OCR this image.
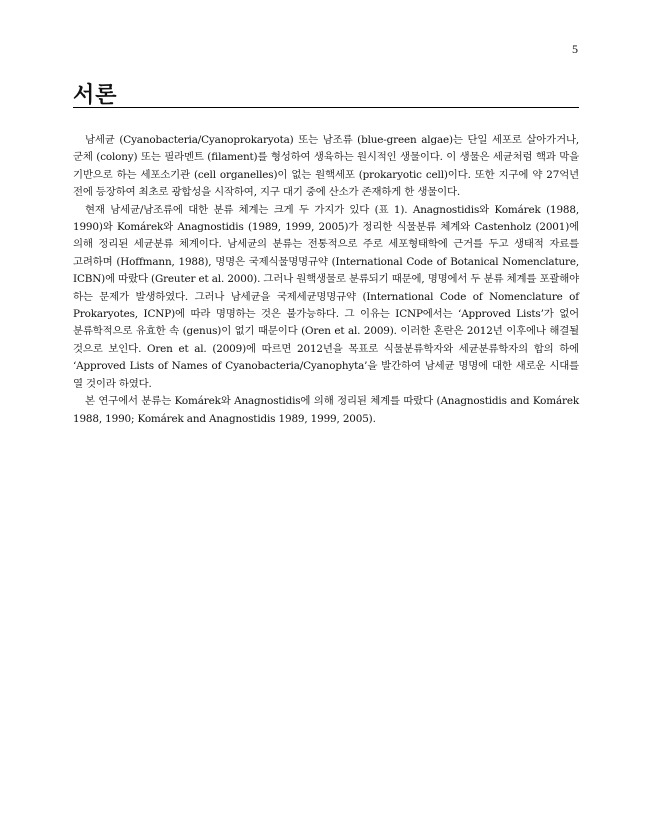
5
서론

남세균 (Cyanobacteria/Cyanoprokaryota) 또는 남조류 (blue-green algae)는 단일 세포로 살아가거나, 군체 (colony) 또는 필라멘트 (filament)를 형성하여 생육하는 원시적인 생물이다. 이 생물은 세균처럼 핵과 막을 기반으로 하는 세포소기관 (cell organelles)이 없는 원핵세포 (prokaryotic cell)이다. 또한 지구에 약 27억년 전에 등장하여 최초로 광합성을 시작하여, 지구 대기 중에 산소가 존재하게 한 생물이다.

현재 남세균/남조류에 대한 분류 체계는 크게 두 가지가 있다 (표 1). Anagnostidis와 Komárek (1988, 1990)와 Komárek와 Anagnostidis (1989, 1999, 2005)가 정리한 식물분류 체계와 Castenholz (2001)에 의해 정리된 세균분류 체계이다. 남세균의 분류는 전통적으로 주로 세포형태학에 근거를 두고 생태적 자료를 고려하며 (Hoffmann, 1988), 명명은 국제식물명명규약 (International Code of Botanical Nomenclature, ICBN)에 따랐다 (Greuter et al. 2000). 그러나 원핵생물로 분류되기 때문에, 명명에서 두 분류 체계를 포괄해야 하는 문제가 발생하였다. 그러나 남세균을 국제세균명명규약 (International Code of Nomenclature of Prokaryotes, ICNP)에 따라 명명하는 것은 불가능하다. 그 이유는 ICNP에서는 ‘Approved Lists’가 없어 분류학적으로 유효한 속 (genus)이 없기 때문이다 (Oren et al. 2009). 이러한 혼란은 2012년 이후에나 해결될 것으로 보인다. Oren et al. (2009)에 따르면 2012년을 목표로 식물분류학자와 세균분류학자의 합의 하에 ‘Approved Lists of Names of Cyanobacteria/Cyanophyta’을 발간하여 남세균 명명에 대한 새로운 시대를 열 것이라 하였다.

본 연구에서 분류는 Komárek와 Anagnostidis에 의해 정리된 체계를 따랐다 (Anagnostidis and Komárek 1988, 1990; Komárek and Anagnostidis 1989, 1999, 2005).
